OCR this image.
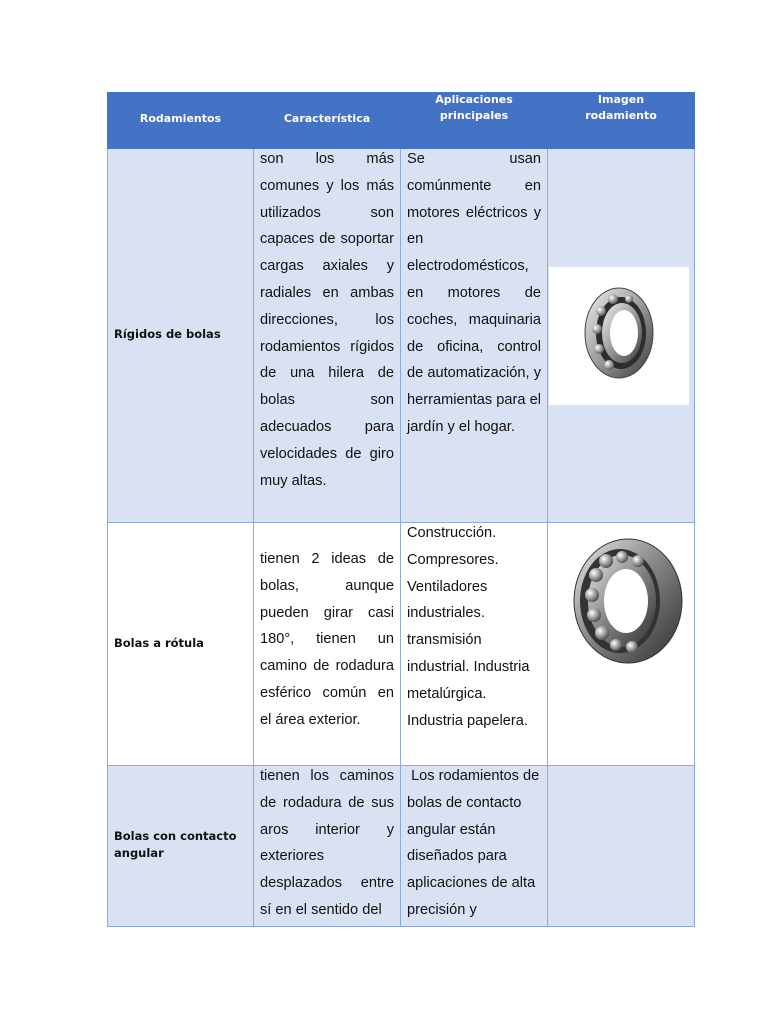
Rodamientos	Característica
Aplicaciones
principales
Imagen
rodamiento
Rígidos de bolas
son los más comunes y los más utilizados son capaces de soportar cargas axiales y radiales en ambas direcciones, los rodamientos rígidos de una hilera de bolas son adecuados para velocidades de giro muy altas.
Se usan comúnmente en motores eléctricos y en electrodomésticos, en motores de coches, maquinaria de oficina, control de automatización, y herramientas para el jardín y el hogar.
Bolas a rótula
tienen 2 ideas de bolas, aunque pueden girar casi 180°, tienen un camino de rodadura esférico común en el área exterior.
Construcción. Compresores. Ventiladores industriales. transmisión industrial. Industria metalúrgica. Industria papelera.
Bolas con contacto angular
tienen los caminos de rodadura de sus aros interior y exteriores desplazados entre sí en el sentido del
Los rodamientos de bolas de contacto angular están diseñados para aplicaciones de alta precisión y
